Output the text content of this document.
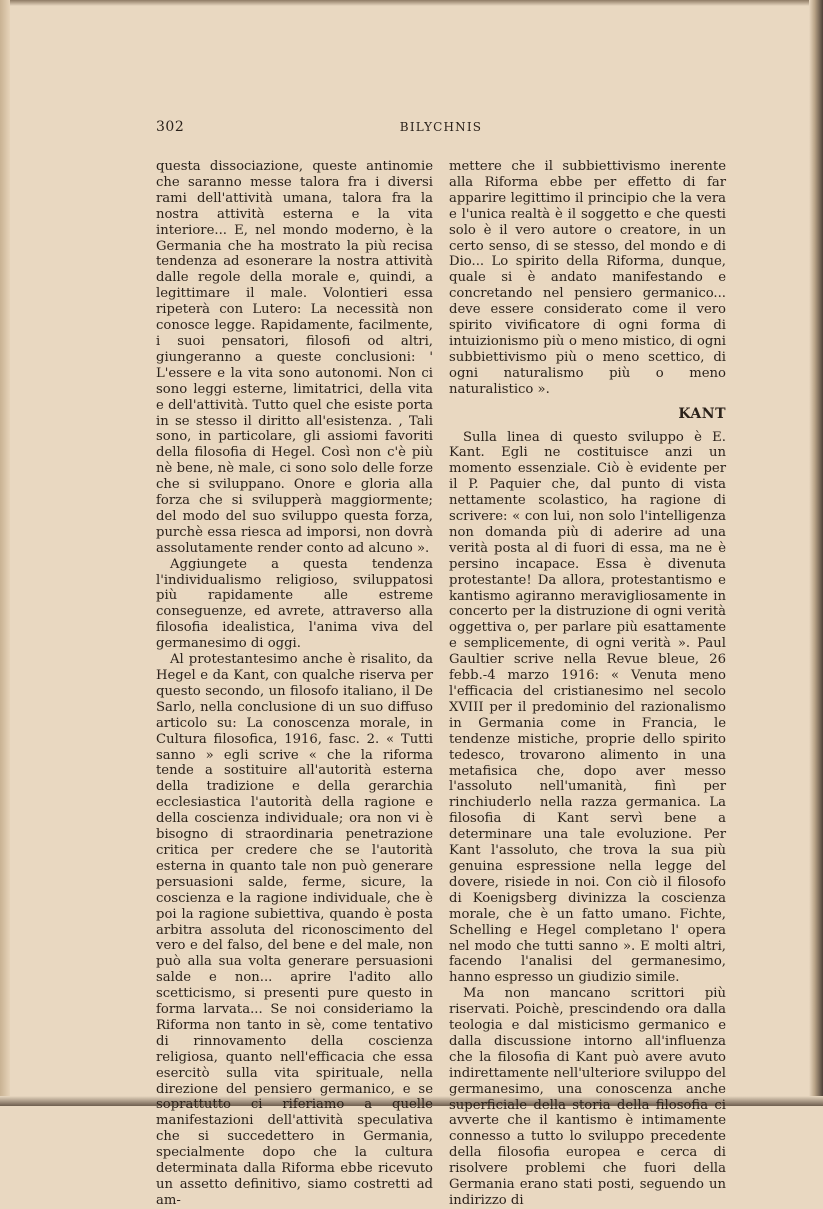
302	BILYCHNIS

questa dissociazione, queste antinomie che saranno messe talora fra i diversi rami dell'attività umana, talora fra la nostra attività esterna e la vita interiore... E, nel mondo moderno, è la Germania che ha mostrato la più recisa tendenza ad esonerare la nostra attività dalle regole della morale e, quindi, a legittimare il male. Volontieri essa ripeterà con Lutero: La necessità non conosce legge. Rapidamente, facilmente, i suoi pensatori, filosofi od altri, giungeranno a queste conclusioni: ' L'essere e la vita sono autonomi. Non ci sono leggi esterne, limitatrici, della vita e dell'attività. Tutto quel che esiste porta in se stesso il diritto all'esistenza. , Tali sono, in particolare, gli assiomi favoriti della filosofia di Hegel. Così non c'è più nè bene, nè male, ci sono solo delle forze che si sviluppano. Onore e gloria alla forza che si svilupperà maggiormente; del modo del suo sviluppo questa forza, purchè essa riesca ad imporsi, non dovrà assolutamente render conto ad alcuno ».

Aggiungete a questa tendenza l'individualismo religioso, sviluppatosi più rapidamente alle estreme conseguenze, ed avrete, attraverso alla filosofia idealistica, l'anima viva del germanesimo di oggi.

Al protestantesimo anche è risalito, da Hegel e da Kant, con qualche riserva per questo secondo, un filosofo italiano, il De Sarlo, nella conclusione di un suo diffuso articolo su: La conoscenza morale, in Cultura filosofica, 1916, fasc. 2. « Tutti sanno » egli scrive « che la riforma tende a sostituire all'autorità esterna della tradizione e della gerarchia ecclesiastica l'autorità della ragione e della coscienza individuale; ora non vi è bisogno di straordinaria penetrazione critica per credere che se l'autorità esterna in quanto tale non può generare persuasioni salde, ferme, sicure, la coscienza e la ragione individuale, che è poi la ragione subiettiva, quando è posta arbitra assoluta del riconoscimento del vero e del falso, del bene e del male, non può alla sua volta generare persuasioni salde e non... aprire l'adito allo scetticismo, si presenti pure questo in forma larvata... Se noi consideriamo la Riforma non tanto in sè, come tentativo di rinnovamento della coscienza religiosa, quanto nell'efficacia che essa esercitò sulla vita spirituale, nella direzione del pensiero germanico, e se soprattutto ci riferiamo a quelle manifestazioni dell'attività speculativa che si succedettero in Germania, specialmente dopo che la cultura determinata dalla Riforma ebbe ricevuto un assetto definitivo, siamo costretti ad am-

mettere che il subbiettivismo inerente alla Riforma ebbe per effetto di far apparire legittimo il principio che la vera e l'unica realtà è il soggetto e che questi solo è il vero autore o creatore, in un certo senso, di se stesso, del mondo e di Dio... Lo spirito della Riforma, dunque, quale si è andato manifestando e concretando nel pensiero germanico... deve essere considerato come il vero spirito vivificatore di ogni forma di intuizionismo più o meno mistico, di ogni subbiettivismo più o meno scettico, di ogni naturalismo più o meno naturalistico ».

KANT

Sulla linea di questo sviluppo è E. Kant. Egli ne costituisce anzi un momento essenziale. Ciò è evidente per il P. Paquier che, dal punto di vista nettamente scolastico, ha ragione di scrivere: « con lui, non solo l'intelligenza non domanda più di aderire ad una verità posta al di fuori di essa, ma ne è persino incapace. Essa è divenuta protestante! Da allora, protestantismo e kantismo agiranno meravigliosamente in concerto per la distruzione di ogni verità oggettiva o, per parlare più esattamente e semplicemente, di ogni verità ». Paul Gaultier scrive nella Revue bleue, 26 febb.-4 marzo 1916: « Venuta meno l'efficacia del cristianesimo nel secolo XVIII per il predominio del razionalismo in Germania come in Francia, le tendenze mistiche, proprie dello spirito tedesco, trovarono alimento in una metafisica che, dopo aver messo l'assoluto nell'umanità, finì per rinchiuderlo nella razza germanica. La filosofia di Kant servì bene a determinare una tale evoluzione. Per Kant l'assoluto, che trova la sua più genuina espressione nella legge del dovere, risiede in noi. Con ciò il filosofo di Koenigsberg divinizza la coscienza morale, che è un fatto umano. Fichte, Schelling e Hegel completano l' opera nel modo che tutti sanno ». E molti altri, facendo l'analisi del germanesimo, hanno espresso un giudizio simile.

Ma non mancano scrittori più riservati. Poichè, prescindendo ora dalla teologia e dal misticismo germanico e dalla discussione intorno all'influenza che la filosofia di Kant può avere avuto indirettamente nell'ulteriore sviluppo del germanesimo, una conoscenza anche superficiale della storia della filosofia ci avverte che il kantismo è intimamente connesso a tutto lo sviluppo precedente della filosofia europea e cerca di risolvere problemi che fuori della Germania erano stati posti, seguendo un indirizzo di
